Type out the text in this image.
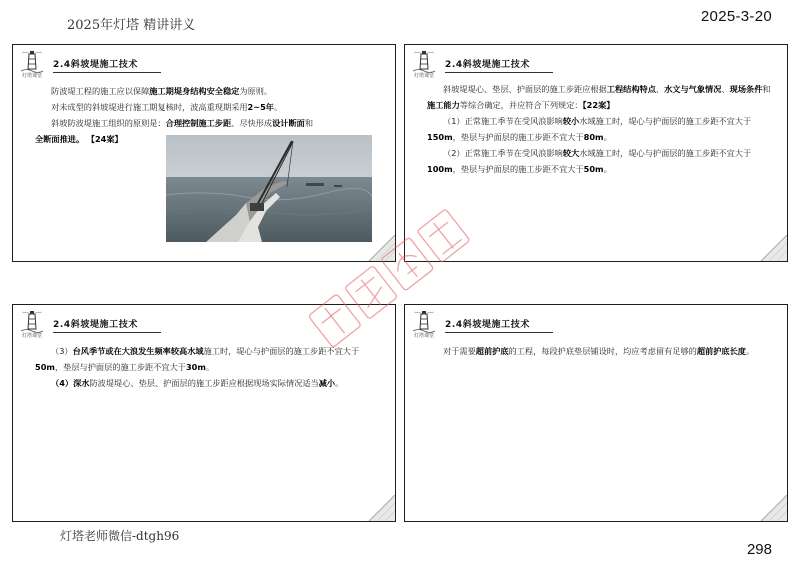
2025年灯塔 精讲讲义
2025-3-20
灯塔课堂
2.4斜坡堤施工技术
防波堤工程的施工应以保障施工期堤身结构安全稳定为原则。
对未成型的斜坡堤进行施工期复核时，波高重现期采用2~5年。
斜坡防波堤施工组织的原则是：合理控制施工步距、尽快形成设计断面和
全断面推进。 【24案】
灯塔课堂
2.4斜坡堤施工技术
斜坡堤堤心、垫层、护面层的施工步距应根据工程结构特点、水文与气象情况、现场条件和施工能力等综合确定，并应符合下列规定：【22案】
（1）正常施工季节在受风浪影响较小水域施工时，堤心与护面层的施工步距不宜大于150m，垫层与护面层的施工步距不宜大于80m。
（2）正常施工季节在受风浪影响较大水域施工时，堤心与护面层的施工步距不宜大于100m，垫层与护面层的施工步距不宜大于50m。
灯塔课堂
2.4斜坡堤施工技术
（3）台风季节或在大浪发生频率较高水域施工时，堤心与护面层的施工步距不宜大于50m，垫层与护面层的施工步距不宜大于30m。
（4）深水防波堤堤心、垫层、护面层的施工步距应根据现场实际情况适当减小。
灯塔课堂
2.4斜坡堤施工技术
对于需要超前护底的工程，每段护底垫层铺设时，均应考虑留有足够的超前护底长度。
灯塔老师微信-dtgh96
298
